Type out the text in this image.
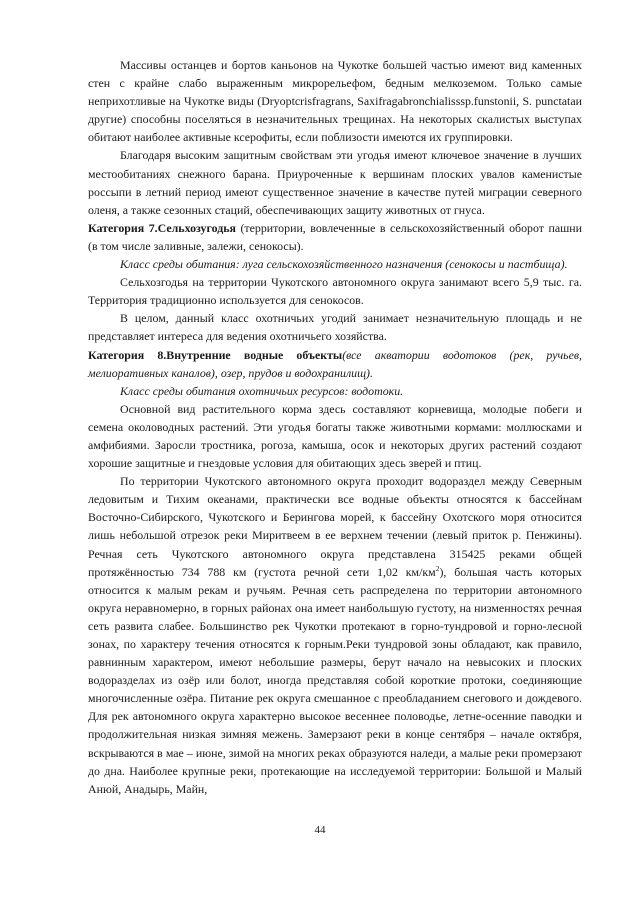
Массивы останцев и бортов каньонов на Чукотке большей частью имеют вид каменных стен с крайне слабо выраженным микрорельефом, бедным мелкоземом. Только самые неприхотливые на Чукотке виды (Dryoptcrisfragrans, Saxifragabronchialisssp.funstonii, S. punctataи другие) способны поселяться в незначительных трещинах. На некоторых скалистых выступах обитают наиболее активные ксерофиты, если поблизости имеются их группировки.

Благодаря высоким защитным свойствам эти угодья имеют ключевое значение в лучших местообитаниях снежного барана. Приуроченные к вершинам плоских увалов каменистые россыпи в летний период имеют существенное значение в качестве путей миграции северного оленя, а также сезонных стаций, обеспечивающих защиту животных от гнуса.

Категория 7.Сельхозугодья (территории, вовлеченные в сельскохозяйственный оборот пашни (в том числе заливные, залежи, сенокосы).

Класс среды обитания: луга сельскохозяйственного назначения (сенокосы и пастбища).

Сельхозгодья на территории Чукотского автономного округа занимают всего 5,9 тыс. га. Территория традиционно используется для сенокосов.

В целом, данный класс охотничьих угодий занимает незначительную площадь и не представляет интереса для ведения охотничьего хозяйства.

Категория 8.Внутренние водные объекты(все акватории водотоков (рек, ручьев, мелиоративных каналов), озер, прудов и водохранилищ).

Класс среды обитания охотничьих ресурсов: водотоки.

Основной вид растительного корма здесь составляют корневища, молодые побеги и семена околоводных растений. Эти угодья богаты также животными кормами: моллюсками и амфибиями. Заросли тростника, рогоза, камыша, осок и некоторых других растений создают хорошие защитные и гнездовые условия для обитающих здесь зверей и птиц.

По территории Чукотского автономного округа проходит водораздел между Северным ледовитым и Тихим океанами, практически все водные объекты относятся к бассейнам Восточно-Сибирского, Чукотского и Берингова морей, к бассейну Охотского моря относится лишь небольшой отрезок реки Миритвеем в ее верхнем течении (левый приток р. Пенжины). Речная сеть Чукотского автономного округа представлена 315425 реками общей протяжённостью 734 788 км (густота речной сети 1,02 $км/км^2$), большая часть которых относится к малым рекам и ручьям. Речная сеть распределена по территории автономного округа неравномерно, в горных районах она имеет наибольшую густоту, на низменностях речная сеть развита слабее. Большинство рек Чукотки протекают в горно-тундровой и горно-лесной зонах, по характеру течения относятся к горным.Реки тундровой зоны обладают, как правило, равнинным характером, имеют небольшие размеры, берут начало на невысоких и плоских водоразделах из озёр или болот, иногда представляя собой короткие протоки, соединяющие многочисленные озёра. Питание рек округа смешанное с преобладанием снегового и дождевого. Для рек автономного округа характерно высокое весеннее половодье, летне-осенние паводки и продолжительная низкая зимняя межень. Замерзают реки в конце сентября – начале октября, вскрываются в мае – июне, зимой на многих реках образуются наледи, а малые реки промерзают до дна. Наиболее крупные реки, протекающие на исследуемой территории: Большой и Малый Анюй, Анадырь, Майн,

44
